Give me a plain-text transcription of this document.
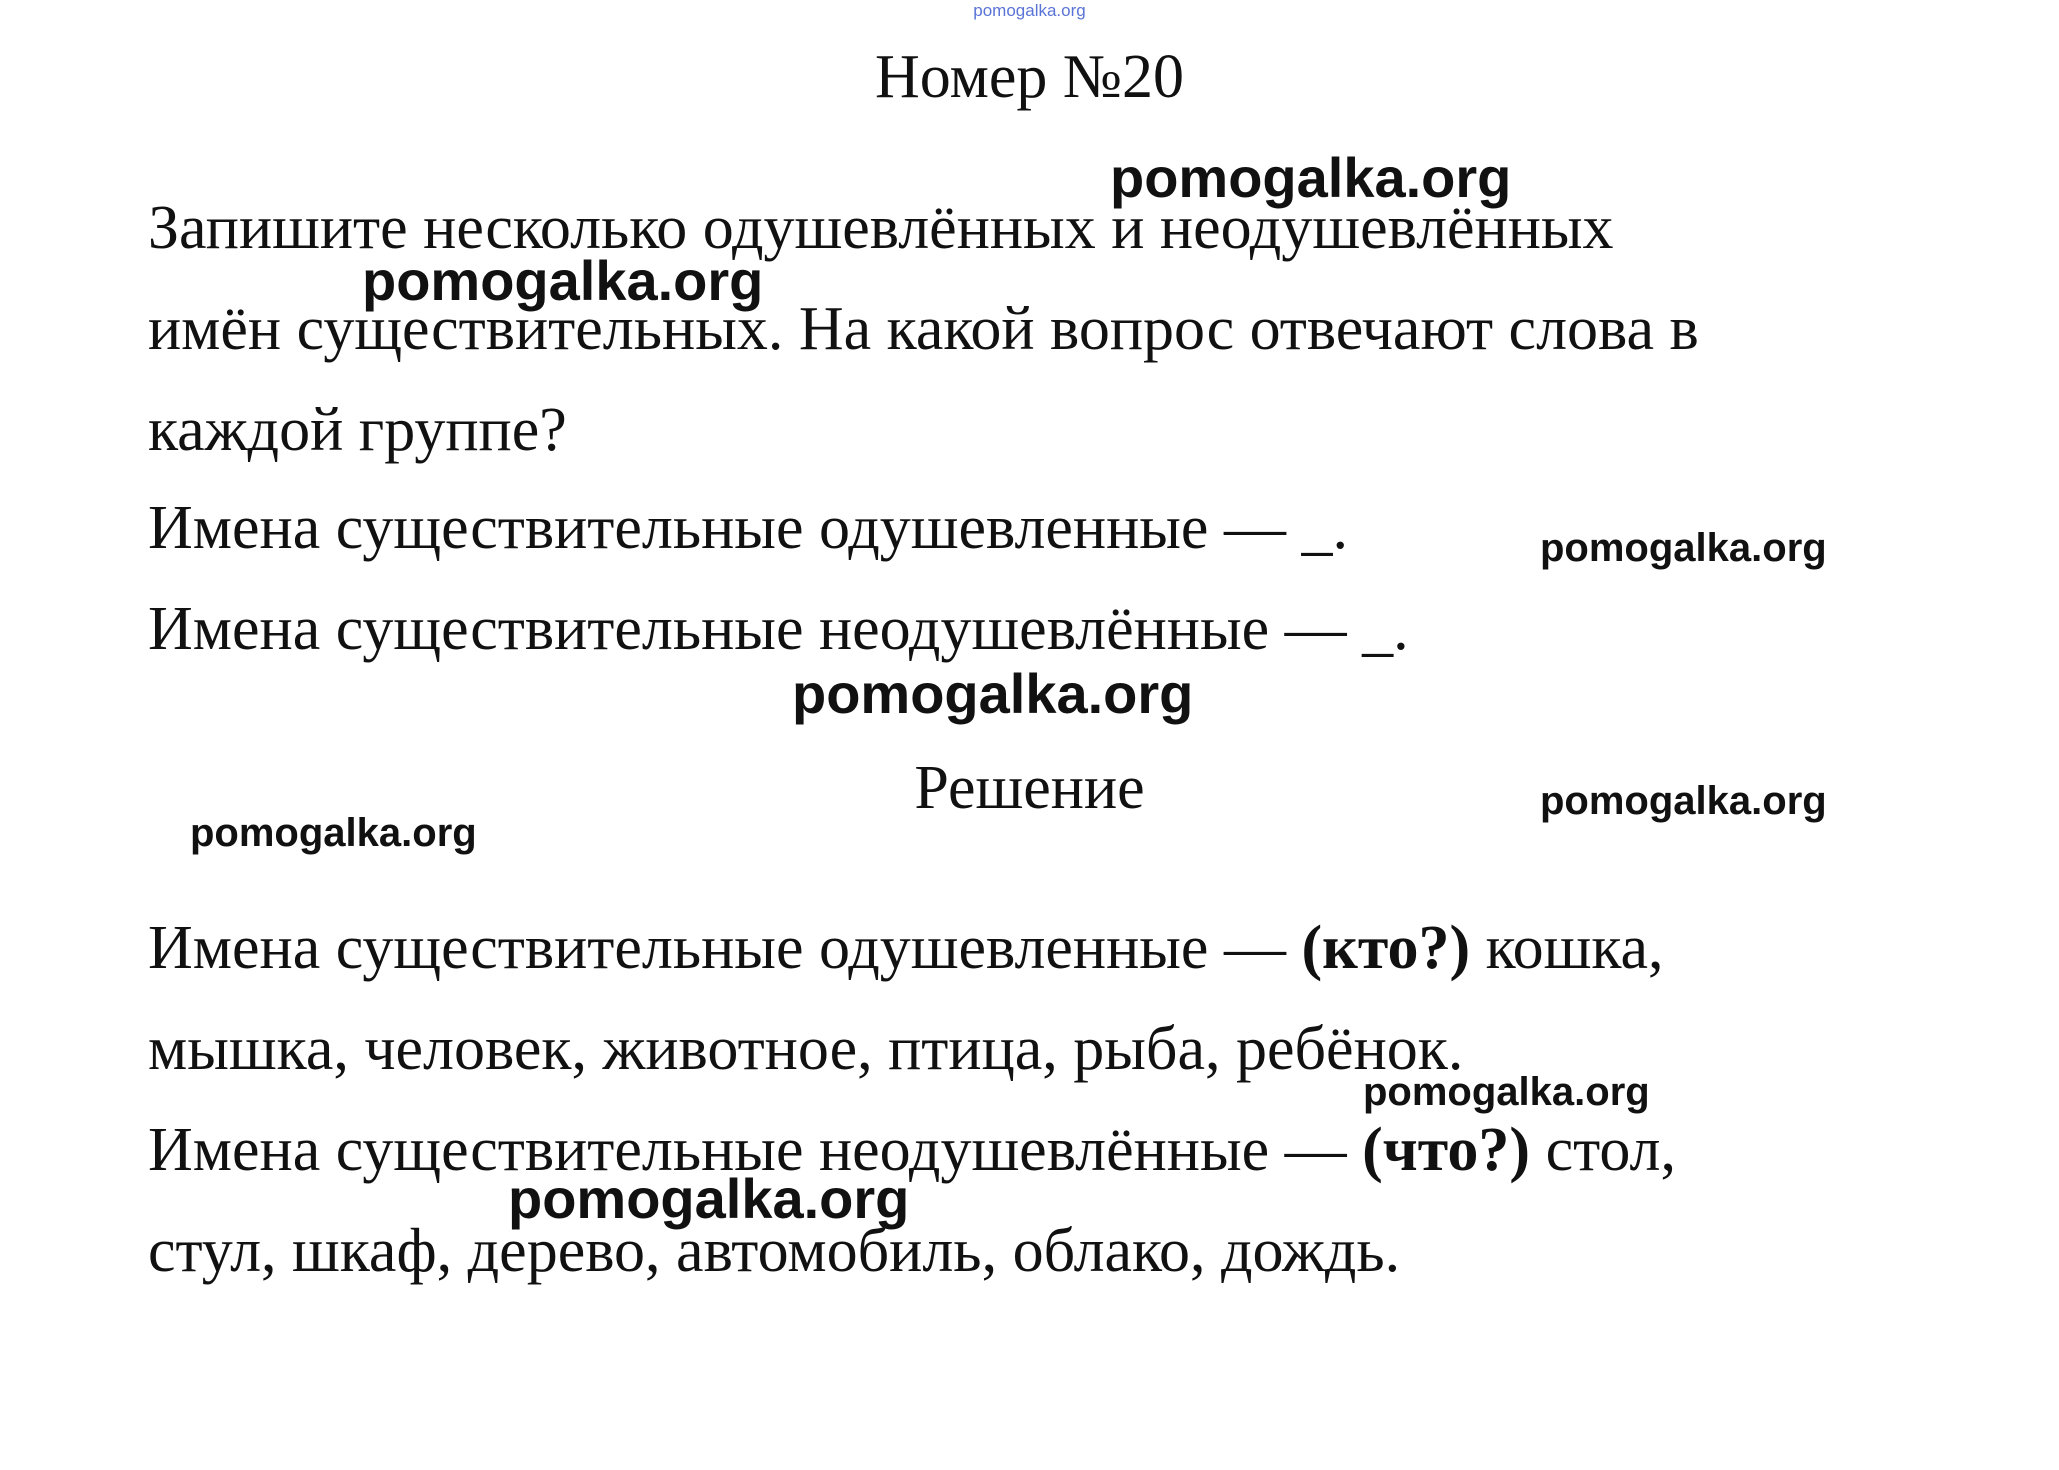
pomogalka.org
Номер №20
Запишите несколько одушевлённых и неодушевлённых
имён существительных. На какой вопрос отвечают слова в
каждой группе?
Имена существительные одушевленные — _.
Имена существительные неодушевлённые — _.
Решение
Имена существительные одушевленные — (кто?) кошка,
мышка, человек, животное, птица, рыба, ребёнок.
Имена существительные неодушевлённые — (что?) стол,
стул, шкаф, дерево, автомобиль, облако, дождь.
pomogalka.org
pomogalka.org
pomogalka.org
pomogalka.org
pomogalka.org
pomogalka.org
pomogalka.org
pomogalka.org
